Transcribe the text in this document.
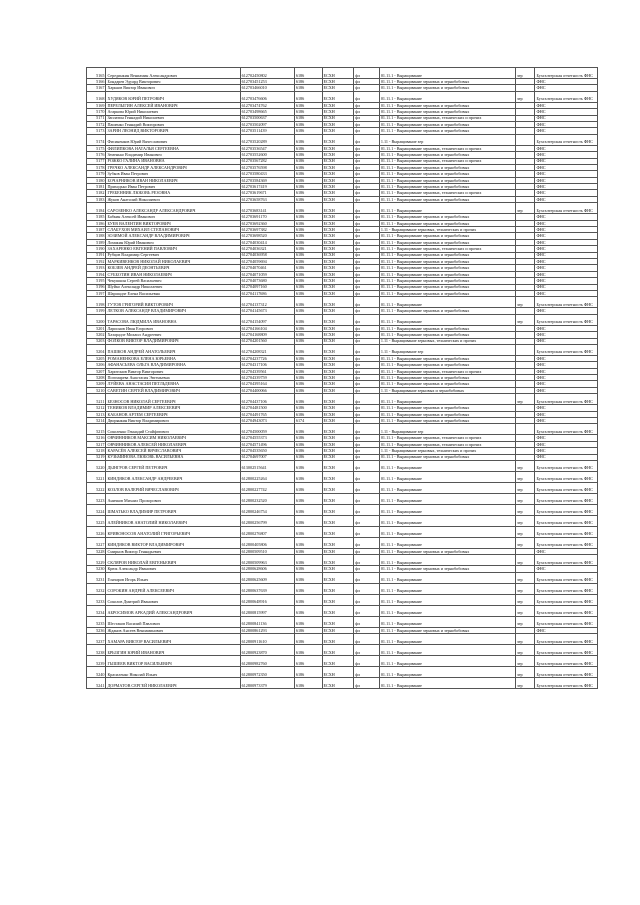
5165	Серединкин Вениамин Александрович	612702450802	6186	ЕСХН	фл	01.11.1 - Выращивание	зер	Бухгалтерская отчетность ФНС
5166	Бондарев Эдуард Викторович	612703451253	6186	ЕСХН	фл	01.11.1 - Выращивание зерновых и зернобобовых		ФНС
5167	Харьков Виктор Иванович	612703466010	6186	ЕСХН	фл	01.11.1 - Выращивание зерновых и зернобобовых		ФНС
5168	ХУДЯКОВ ЮРИЙ ПЕТРОВИЧ	612703476606	6186	ЕСХН	фл	01.11.1 - Выращивание	зер	Бухгалтерская отчетность ФНС
5169	ПЕРЕЛЫГИН АЛЕКСЕЙ ИВАНОВИЧ	612703474762	6186	ЕСХН	фл	01.11.1 - Выращивание зерновых и зернобобовых		ФНС
5170	Агаркова Юрий Николаевич	612703498665	6186	ЕСХН	фл	01.11.1 - Выращивание зерновых и зернобобовых		ФНС
5171	Заплатин Геннадий Николаевич	612703500637	6186	ЕСХН	фл	01.11.1 - Выращивание зерновых, технических и прочих		ФНС
5172	Пашенко Геннадий Викторович	612703502097	6186	ЕСХН	фл	01.11.1 - Выращивание зерновых и зернобобовых		ФНС
5173	ЗАРИН ЛЕОНИД ВИКТОРОВИЧ	612703511439	6186	ЕСХН	фл	01.11.1 - Выращивание зерновых и зернобобовых		ФНС
5174	Фисиненков Юрий Вячеславович	612703520289	6186	ЕСХН	фл	1.11 - Выращивание зер		Бухгалтерская отчетность ФНС
5175	ФИЛИПКОВА НАТАЛЬЯ СЕРГЕЕВНА	612703536547	6186	ЕСХН	фл	01.11.1 - Выращивание зерновых, технических и прочих		ФНС
5176	Земенько Владимир Иванович	612703552600	6186	ЕСХН	фл	01.11.1 - Выращивание зерновых и зернобобовых		ФНС
5177	РОЖКО ГАЛИНА ИВАНОВНА	612703567282	6186	ЕСХН	фл	01.11.1 - Выращивание зерновых, технических и прочих		ФНС
5178	ГРЕЧКО АЛЕКСАНДР АЛЕКСАНДРОВИЧ	612703576598	6186	ЕСХН	фл	01.11.1 - Выращивание зерновых и зернобобовых		ФНС
5179	Зубков Иван Петрович	612703580433	6186	ЕСХН	фл	01.11.1 - Выращивание зерновых и зернобобовых		ФНС
5180	БОЧАРНИКОВ ИВАН НИКОЛАЕВИЧ	612703584369	6186	ЕСХН	фл	01.11.1 - Выращивание зерновых и зернобобовых		ФНС
5181	Приходько Иван Петрович	612703617419	6186	ЕСХН	фл	01.11.1 - Выращивание зерновых и зернобобовых		ФНС
5182	ГРЕБЕННИК ЛЮБОВЬ РЕЗОВНА	612703619671	6186	ЕСХН	фл	01.11.1 - Выращивание зерновых, технических и прочих		ФНС
5183	Жуков Анатолий Николаевич	612703658763	6186	ЕСХН	фл	01.11.1 - Выращивание зерновых и зернобобовых		ФНС
5184	САРОЗЕНКО АЛЕКСАНДР АЛЕКСАНДРОВИЧ	612703683141	6186	ЕСХН	фл	01.11.1 - Выращивание	зер	Бухгалтерская отчетность ФНС
5185	Бабкин Алексей Иванович	612703691170	6186	ЕСХН	фл	01.11.1 - Выращивание зерновых и зернобобовых		ФНС
5186	БУЕВ ВАЛЕНТИН ВИКТОРОВИЧ	612703692360	6186	ЕСХН	фл	01.11.1 - Выращивание зерновых и зернобобовых		ФНС
5187	СЛАБУХОВ МИХАИЛ СТЕПАНОВИЧ	612703697382	6186	ЕСХН	фл	1.11 - Выращивание зерновых, технических и прочих		ФНС
5188	ЗОЗИМОЙ АЛЕКСАНДР ВЛАДИМИРОВИЧ	612703698520	6186	ЕСХН	фл	01.11.1 - Выращивание зерновых и зернобобовых		ФНС
5189	Ломакин Юрий Иванович	612704030414	6186	ЕСХН	фл	01.11.1 - Выращивание зерновых и зернобобовых		ФНС
5190	ЗАХАРЕНКО ЕВГЕНИЙ ПАВЛОВИЧ	612704036321	6186	ЕСХН	фл	01.11.1 - Выращивание зерновых, технических и прочих		ФНС
5191	Рубцов Владимир Сергеевич	612704036958	6186	ЕСХН	фл	01.11.1 - Выращивание зерновых и зернобобовых		ФНС
5192	МАРКИВЕНКОВ НИКОЛАЙ НИКОЛАЕВИЧ	612704059694	6186	ЕСХН	фл	01.11.1 - Выращивание зерновых и зернобобовых		ФНС
5193	КОБЗЕВ АНДРЕЙ ДЕОНТЬЕВИЧ	612704070461	6186	ЕСХН	фл	01.11.1 - Выращивание зерновых и зернобобовых		ФНС
5194	СУББОТИН ИВАН НИКОЛАЕВИЧ	612704071059	6186	ЕСХН	фл	01.11.1 - Выращивание зерновых и зернобобовых		ФНС
5195	Чекушкин Сергей Васильевич	612704073680	6186	ЕСХН	фл	01.11.1 - Выращивание зерновых и зернобобовых		ФНС
5196	Шуйко Александр Николаевич	612704097160	6186	ЕСХН	фл	01.11.1 - Выращивание зерновых и зернобобовых		ФНС
5197	Шаршадзе Елена Васильевна	612704117686	6186	ЕСХН	фл	01.11.1 - Выращивание зерновых и зернобобовых		ФНС
5198	ГУТОВ ГРИГОРИЙ ВИКТОРОВИЧ	612704137312	6186	ЕСХН	фл	01.11.1 - Выращивание	зер	Бухгалтерская отчетность ФНС
5199	ЛЕТКОВ АЛЕКСАНДР ВЛАДИМИРОВИЧ	612704145673	6186	ЕСХН	фл	01.11.1 - Выращивание зерновых и зернобобовых		ФНС
5200	ТАРАСОВА ЛЮДМИЛА ИВАНОВНА	612704154097	6186	ЕСХН	фл	01.11.1 - Выращивание	зер	Бухгалтерская отчетность ФНС
5201	Ларионов Иван Егорович	612704166104	6186	ЕСХН	фл	01.11.1 - Выращивание зерновых и зернобобовых		ФНС
5202	Хазарадзе Михаил Андреевич	612704168809	6186	ЕСХН	фл	01.11.1 - Выращивание зерновых и зернобобовых		ФНС
5203	ФОЛКОВ ВИКТОР ВЛАДИМИРОВИЧ	612704201560	6186	ЕСХН	фл	1.11 - Выращивание зерновых, технических и прочих		ФНС
5204	ПАШКОВ АНДРЕЙ АНАТОЛЬЕВИЧ	612704208321	6186	ЕСХН	фл	1.11 - Выращивание зер		Бухгалтерская отчетность ФНС
5205	РОМАНЕНКОВА ЕЛЕНА ЮРЬЕВНА	612704237726	6186	ЕСХН	фл	01.11.1 - Выращивание зерновых и зернобобовых		ФНС
5206	АФАНАСЬЕВА ОЛЬГА ВЛАДИМИРОВНА	612704317106	6186	ЕСХН	фл	01.11.1 - Выращивание зерновых и зернобобовых		ФНС
5207	Харитонов Виктор Викторович	612704339561	6186	ЕСХН	фл	01.11.1 - Выращивание зерновых, технических и прочих		ФНС
5208	Погомарева Анастасия Эвгеньевна	612704339759	6186	ЕСХН	фл	01.11.1 - Выращивание зерновых и зернобобовых		ФНС
5209	ЛУЙЕВА АНАСТАСИЯ ПЕТЛЬДЕВНА	612704395164	6186	ЕСХН	фл	01.11.1 - Выращивание зерновых и зернобобовых		ФНС
5210	САВЕТИН СЕРГЕЙ ВЛАДИМИРОВИЧ	612704400066	6186	ЕСХН	фл	1.11 - Выращивание зерновых и зернобобовых		ФНС
5211	БЕЗНОСОВ НИКОЛАЙ СЕРГЕЕВИЧ	612704437106	6186	ЕСХН	фл	01.11.1 - Выращивание	зер	Бухгалтерская отчетность ФНС
5212	ТЕНИКОВ ВЛАДИМИР АЛЕКСЕЕВИЧ	612704481500	6186	ЕСХН	фл	01.11.1 - Выращивание зерновых и зернобобовых		ФНС
5213	КАБАНОВ АРТЕМ СЕРГЕЕВИЧ	612704491765	6186	ЕСХН	фл	01.11.1 - Выращивание зерновых и зернобобовых		ФНС
5214	Дворянкин Виктор Владимирович	612704943073	6174	ЕСХН	фл	01.11.1 - Выращивание зерновых и зернобобовых		ФНС
5215	Соколенко Геннадий Стайфатович	612704500059	6186	ЕСХН	фл	1.11 - Выращивание зер		Бухгалтерская отчетность ФНС
5216	ОВЧИННИКОВ МАКСИМ НИКОЛАЕВИЧ	612704555373	6186	ЕСХН	фл	01.11.1 - Выращивание зерновых, технических и прочих		ФНС
5217	ОВЧИННИКОВ АЛЕКСЕЙ НИКОЛАЕВИЧ	612704571496	6186	ЕСХН	фл	01.11.1 - Выращивание зерновых, технических и прочих		ФНС
5218	КАРАСЁВ АЛЕКСЕЙ ВЯЧЕСЛАВОВИЧ	612704535650	6186	ЕСХН	фл	1.11 - Выращивание зерновых, технических и прочих		ФНС
5219	КУЗЬМИНОВА ЛЮБОВЬ ВАСИЛЬЕВНА	612704697007	6186	ЕСХН	фл	01.11.1 - Выращивание зерновых и зернобобовых		ФНС
5220	ДЫНГРОВ СЕРГЕЙ ПЕТРОВИЧ	613002515641	6186	ЕСХН	фл	01.11.1 - Выращивание	зер	Бухгалтерская отчетность ФНС
5221	КИНДЯКОВ АЛЕКСАНДР АНДРЕЕВИЧ	612800225264	6186	ЕСХН	фл	01.11.1 - Выращивание	зер	Бухгалтерская отчетность ФНС
5222	КОЗЛОВ ВАЛЕРИЙ ВЯЧЕСЛАВОВИЧ	612800227742	6186	ЕСХН	фл	01.11.1 - Выращивание	зер	Бухгалтерская отчетность ФНС
5223	Аничков Михаил Прохорович	612800232520	6186	ЕСХН	фл	01.11.1 - Выращивание	зер	Бухгалтерская отчетность ФНС
5224	ШМАТЬКО ВЛАДИМИР ПЕТРОВИЧ	612800246754	6186	ЕСХН	фл	01.11.1 - Выращивание	зер	Бухгалтерская отчетность ФНС
5225	АЛЕЙНИКОВ АНАТОЛИЙ НИКОЛАЕВИЧ	612800256799	6186	ЕСХН	фл	01.11.1 - Выращивание	зер	Бухгалтерская отчетность ФНС
5226	КРИВОНОСОВ АНАТОЛИЙ ГРИГОРЬЕВИЧ	612800276807	6186	ЕСХН	фл	01.11.1 - Выращивание	зер	Бухгалтерская отчетность ФНС
5227	КИНДЯКОВ ВИКТОР ВЛАДИМИРОВИЧ	612800405806	6186	ЕСХН	фл	01.11.1 - Выращивание	зер	Бухгалтерская отчетность ФНС
5228	Смирнов Виктор Геннадьевич	612800509510	6186	ЕСХН	фл	01.11.1 - Выращивание зерновых и зернобобовых		ФНС
5229	СКЛЯРОВ НИКОЛАЙ ЕВГЕНЬЕВИЧ	612800509963	6186	ЕСХН	фл	01.11.1 - Выращивание	зер	Бухгалтерская отчетность ФНС
5230	Крюк Александр Иванович	612800628606	6186	ЕСХН	фл	01.11.1 - Выращивание зерновых и зернобобовых		ФНС
5231	Гончаров Игорь Ильич	612800625609	6186	ЕСХН	фл	01.11.1 - Выращивание	зер	Бухгалтерская отчетность ФНС
5232	СОРОКИН АНДРЕЙ АЛЕКСЕЕВИЧ	612800637639	6186	ЕСХН	фл	01.11.1 - Выращивание	зер	Бухгалтерская отчетность ФНС
5233	Соколов Дмитрий Иванович	612800648916	6186	ЕСХН	фл	01.11.1 - Выращивание	зер	Бухгалтерская отчетность ФНС
5234	АБРОСИМОВ АРКАДИЙ АЛЕКСАНДРОВИЧ	612800815997	6186	ЕСХН	фл	01.11.1 - Выращивание	зер	Бухгалтерская отчетность ФНС
5235	Шестаков Василий Павлович	612800841136	6186	ЕСХН	фл	01.11.1 - Выращивание	зер	Бухгалтерская отчетность ФНС
5236	Жданов Ансеев Вениаминович	612800861293	6186	ЕСХН	фл	01.11.1 - Выращивание зерновых и зернобобовых		ФНС
5237	ХАМАРА ВИКТОР ВАСИЛЬЕВИЧ	612800911610	6186	ЕСХН	фл	01.11.1 - Выращивание	зер	Бухгалтерская отчетность ФНС
5238	БРЫЗГИН ЮРИЙ ИВАНОВИЧ	612800923870	6186	ЕСХН	фл	01.11.1 - Выращивание	зер	Бухгалтерская отчетность ФНС
5239	ГЫШЕЕВ ВИКТОР ВАСИЛЬЕВИЧ	612800982760	6186	ЕСХН	фл	01.11.1 - Выращивание	зер	Бухгалтерская отчетность ФНС
5240	Красиленко Николай Ильич	612800972350	6186	ЕСХН	фл	01.11.1 - Выращивание	зер	Бухгалтерская отчетность ФНС
5241	ДОРМАТОВ СЕРГЕЙ НИКОЛАЕВИЧ	612800973379	6186	ЕСХН	фл	01.11.1 - Выращивание	зер	Бухгалтерская отчетность ФНС
